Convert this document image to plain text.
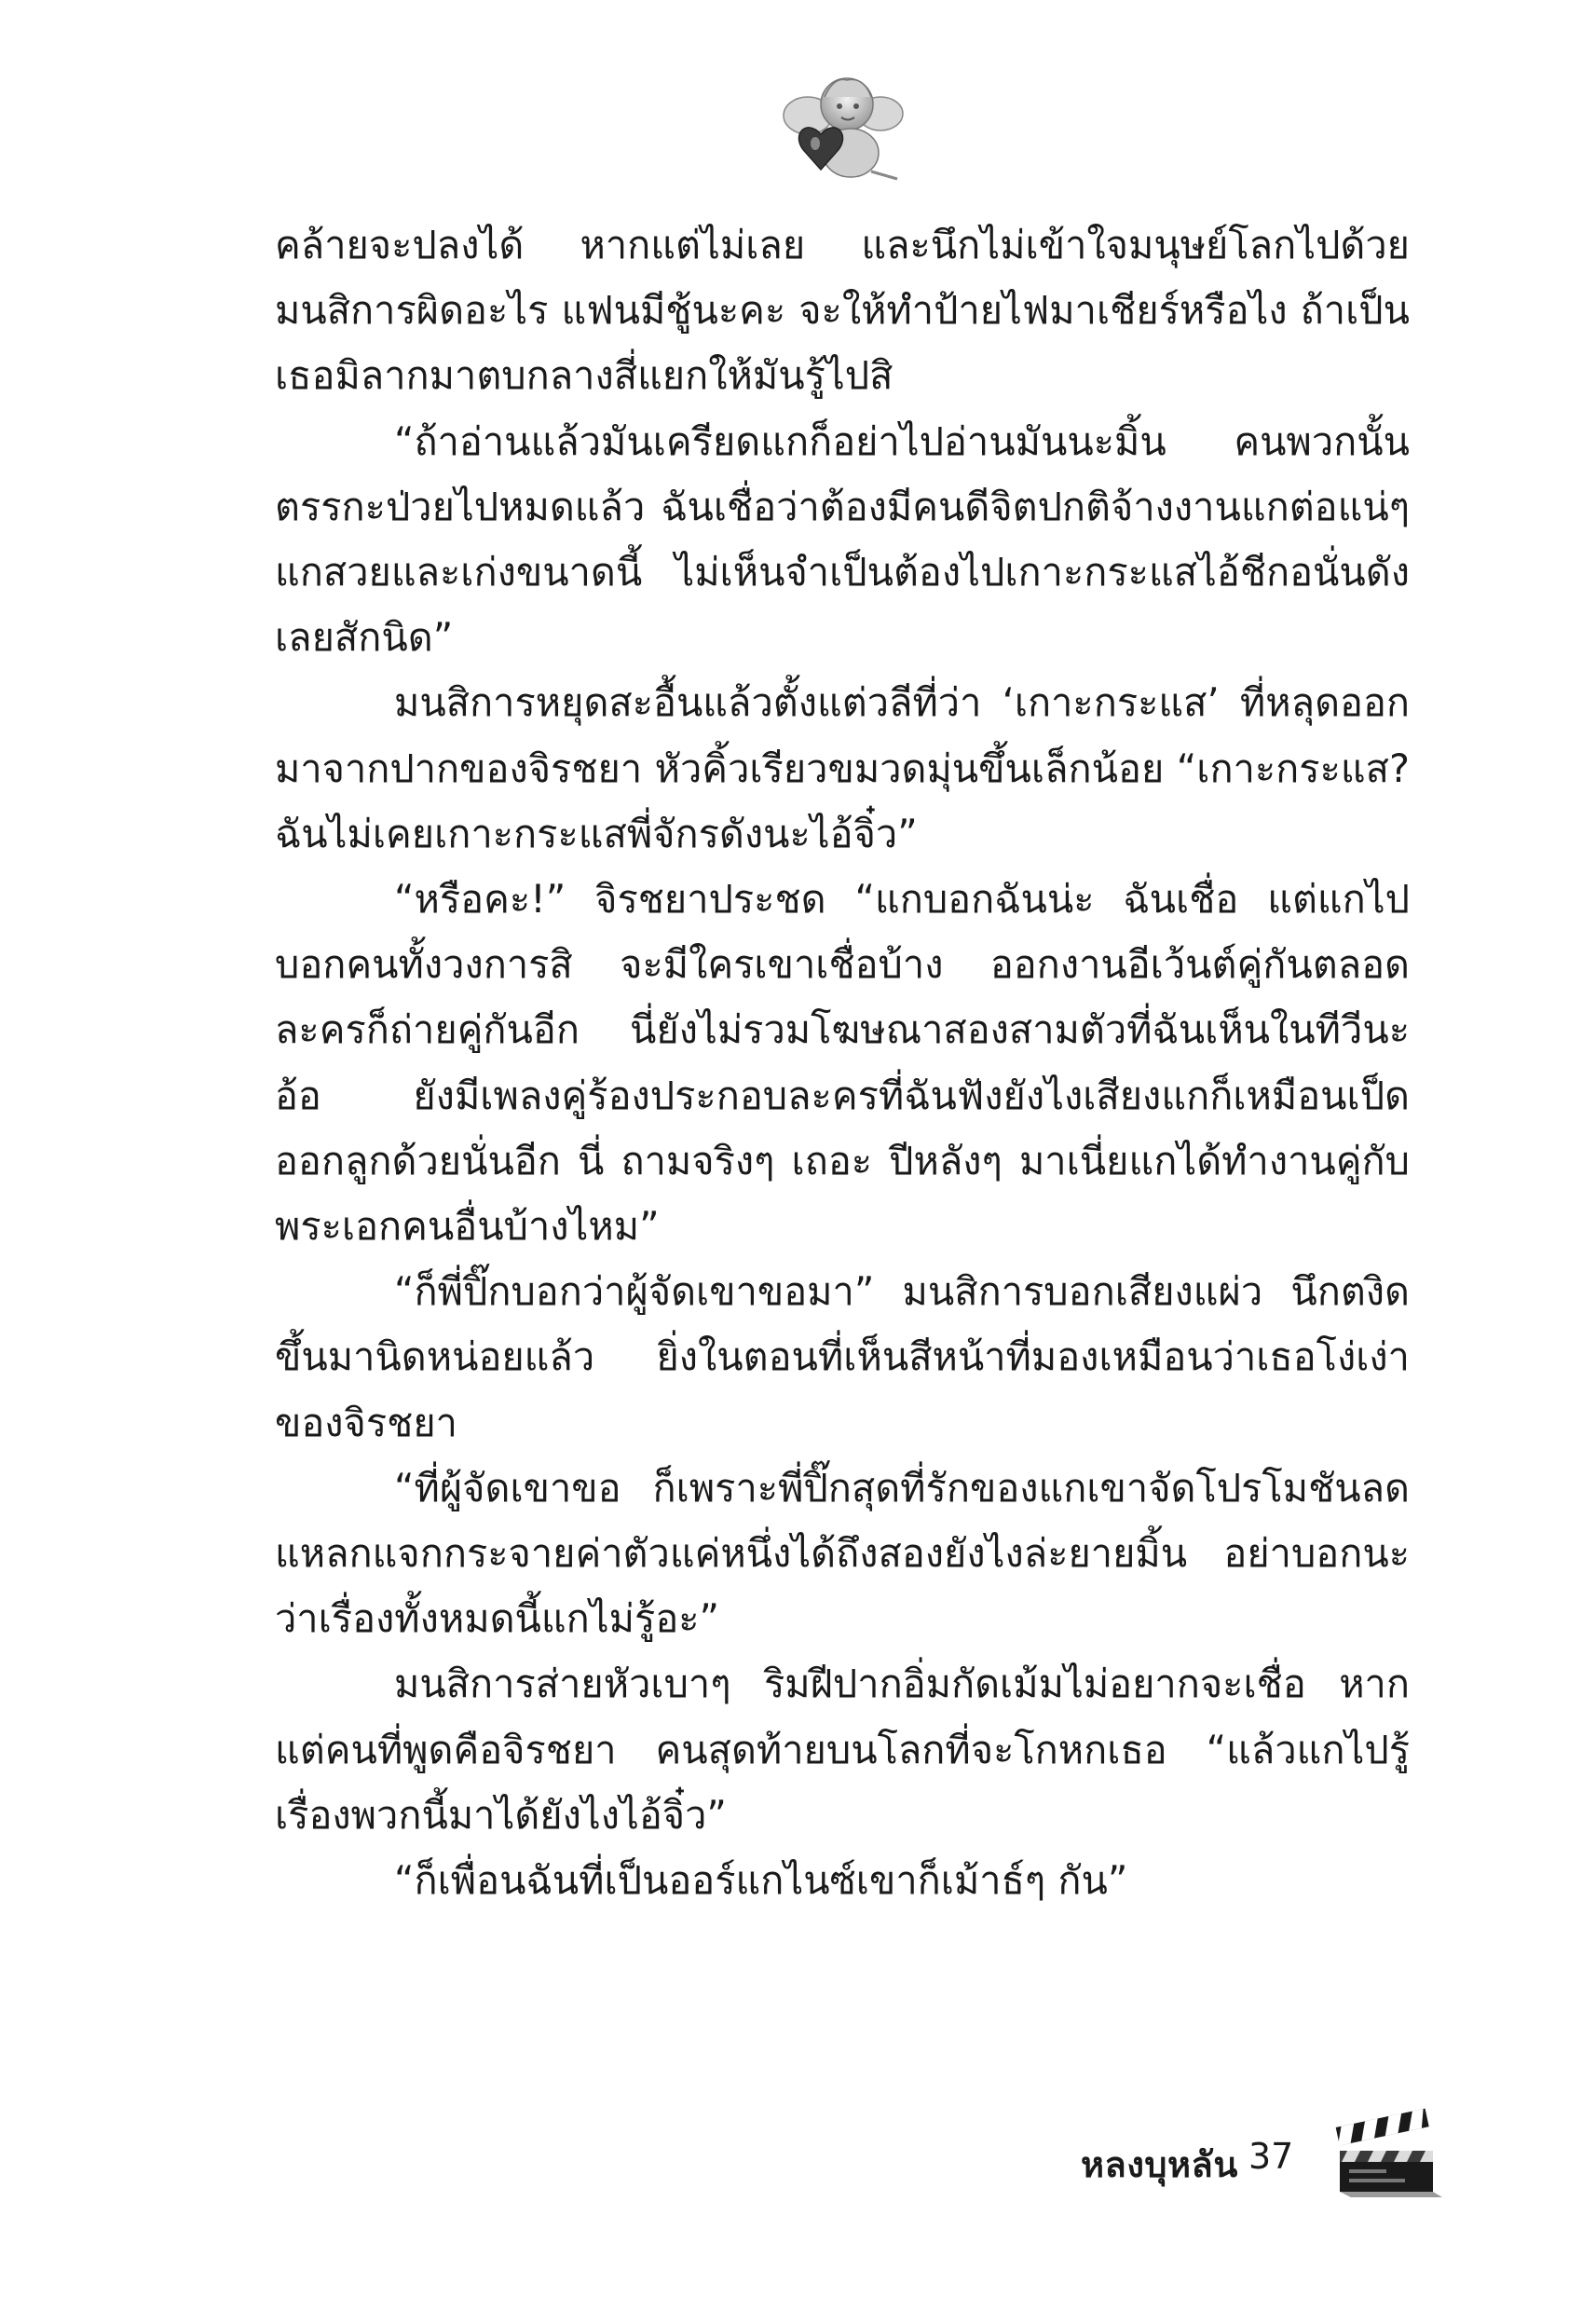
คล้ายจะปลงได้ หากแต่ไม่เลย และนึกไม่เข้าใจมนุษย์โลกไปด้วย มนสิการผิดอะไร แฟนมีชู้นะคะ จะให้ทำป้ายไฟมาเชียร์หรือไง ถ้าเป็นเธอมิลากมาตบกลางสี่แยกให้มันรู้ไปสิ

“ถ้าอ่านแล้วมันเครียดแกก็อย่าไปอ่านมันนะมิ้น คนพวกนั้นตรรกะป่วยไปหมดแล้ว ฉันเชื่อว่าต้องมีคนดีจิตปกติจ้างงานแกต่อแน่ๆ แกสวยและเก่งขนาดนี้ ไม่เห็นจำเป็นต้องไปเกาะกระแสไอ้ชีกอนั่นดังเลยสักนิด”

มนสิการหยุดสะอื้นแล้วตั้งแต่วลีที่ว่า ‘เกาะกระแส’ ที่หลุดออกมาจากปากของจิรชยา หัวคิ้วเรียวขมวดมุ่นขึ้นเล็กน้อย “เกาะกระแส? ฉันไม่เคยเกาะกระแสพี่จักรดังนะไอ้จิ๋ว”

“หรือคะ!” จิรชยาประชด “แกบอกฉันน่ะ ฉันเชื่อ แต่แกไปบอกคนทั้งวงการสิ จะมีใครเขาเชื่อบ้าง ออกงานอีเว้นต์คู่กันตลอด ละครก็ถ่ายคู่กันอีก นี่ยังไม่รวมโฆษณาสองสามตัวที่ฉันเห็นในทีวีนะ อ้อ ยังมีเพลงคู่ร้องประกอบละครที่ฉันฟังยังไงเสียงแกก็เหมือนเป็ดออกลูกด้วยนั่นอีก นี่ ถามจริงๆ เถอะ ปีหลังๆ มาเนี่ยแกได้ทำงานคู่กับพระเอกคนอื่นบ้างไหม”

“ก็พี่ปิ๊กบอกว่าผู้จัดเขาขอมา” มนสิการบอกเสียงแผ่ว นึกตงิดขึ้นมานิดหน่อยแล้ว ยิ่งในตอนที่เห็นสีหน้าที่มองเหมือนว่าเธอโง่เง่าของจิรชยา

“ที่ผู้จัดเขาขอ ก็เพราะพี่ปิ๊กสุดที่รักของแกเขาจัดโปรโมชันลดแหลกแจกกระจายค่าตัวแค่หนึ่งได้ถึงสองยังไงล่ะยายมิ้น อย่าบอกนะว่าเรื่องทั้งหมดนี้แกไม่รู้อะ”

มนสิการส่ายหัวเบาๆ ริมฝีปากอิ่มกัดเม้มไม่อยากจะเชื่อ หากแต่คนที่พูดคือจิรชยา คนสุดท้ายบนโลกที่จะโกหกเธอ “แล้วแกไปรู้เรื่องพวกนี้มาได้ยังไงไอ้จิ๋ว”

“ก็เพื่อนฉันที่เป็นออร์แกไนซ์เขาก็เม้าธ์ๆ กัน”

หลงบุหลัน 37
